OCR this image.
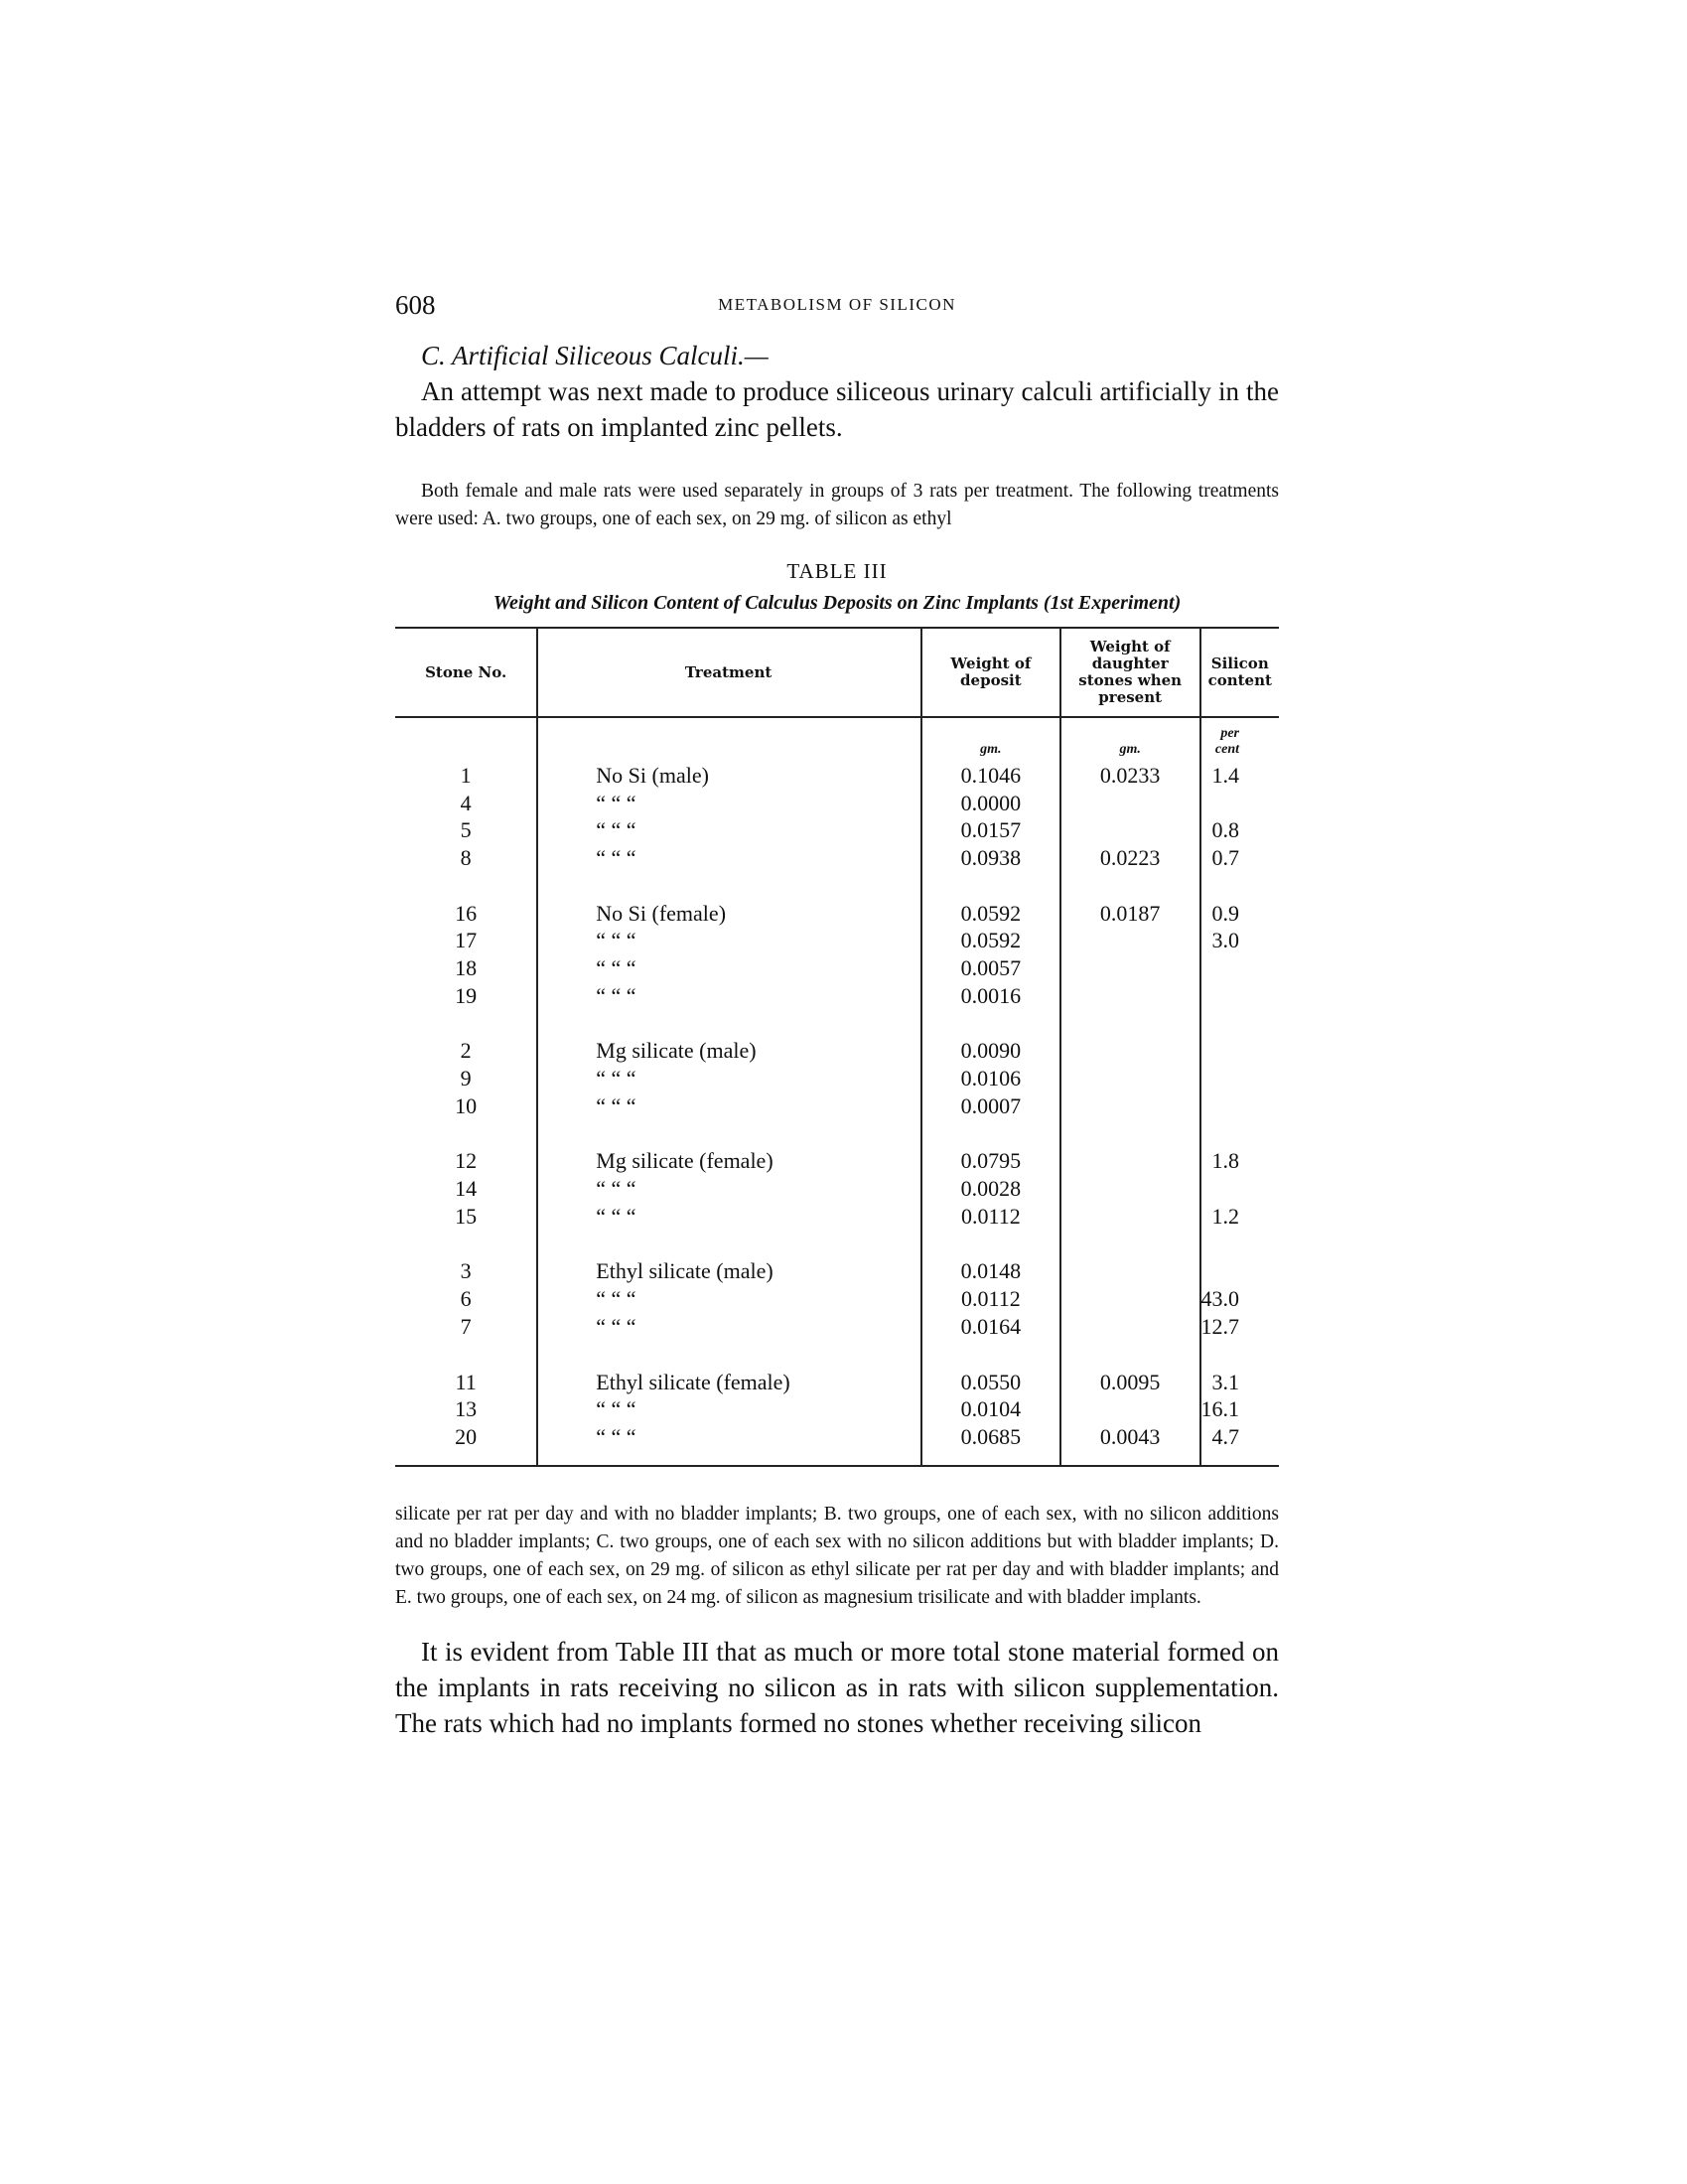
608	METABOLISM OF SILICON
C. Artificial Siliceous Calculi.—

An attempt was next made to produce siliceous urinary calculi artificially in the bladders of rats on implanted zinc pellets.

Both female and male rats were used separately in groups of 3 rats per treatment. The following treatments were used: A. two groups, one of each sex, on 29 mg. of silicon as ethyl

TABLE III
Weight and Silicon Content of Calculus Deposits on Zinc Implants (1st Experiment)
Stone No.	Treatment	Weight of deposit	Weight of daughter stones when present	Silicon content
		gm.	gm.	per cent
1	No Si (male)	0.1046	0.0233	1.4
4	“ “ “	0.0000		
5	“ “ “	0.0157		0.8
8	“ “ “	0.0938	0.0223	0.7

16	No Si (female)	0.0592	0.0187	0.9
17	“ “ “	0.0592		3.0
18	“ “ “	0.0057		
19	“ “ “	0.0016		

2	Mg silicate (male)	0.0090		
9	“ “ “	0.0106		
10	“ “ “	0.0007		

12	Mg silicate (female)	0.0795		1.8
14	“ “ “	0.0028		
15	“ “ “	0.0112		1.2

3	Ethyl silicate (male)	0.0148		
6	“ “ “	0.0112		43.0
7	“ “ “	0.0164		12.7

11	Ethyl silicate (female)	0.0550	0.0095	3.1
13	“ “ “	0.0104		16.1
20	“ “ “	0.0685	0.0043	4.7

silicate per rat per day and with no bladder implants; B. two groups, one of each sex, with no silicon additions and no bladder implants; C. two groups, one of each sex with no silicon additions but with bladder implants; D. two groups, one of each sex, on 29 mg. of silicon as ethyl silicate per rat per day and with bladder implants; and E. two groups, one of each sex, on 24 mg. of silicon as magnesium trisilicate and with bladder implants.

It is evident from Table III that as much or more total stone material formed on the implants in rats receiving no silicon as in rats with silicon supplementation. The rats which had no implants formed no stones whether receiving silicon
